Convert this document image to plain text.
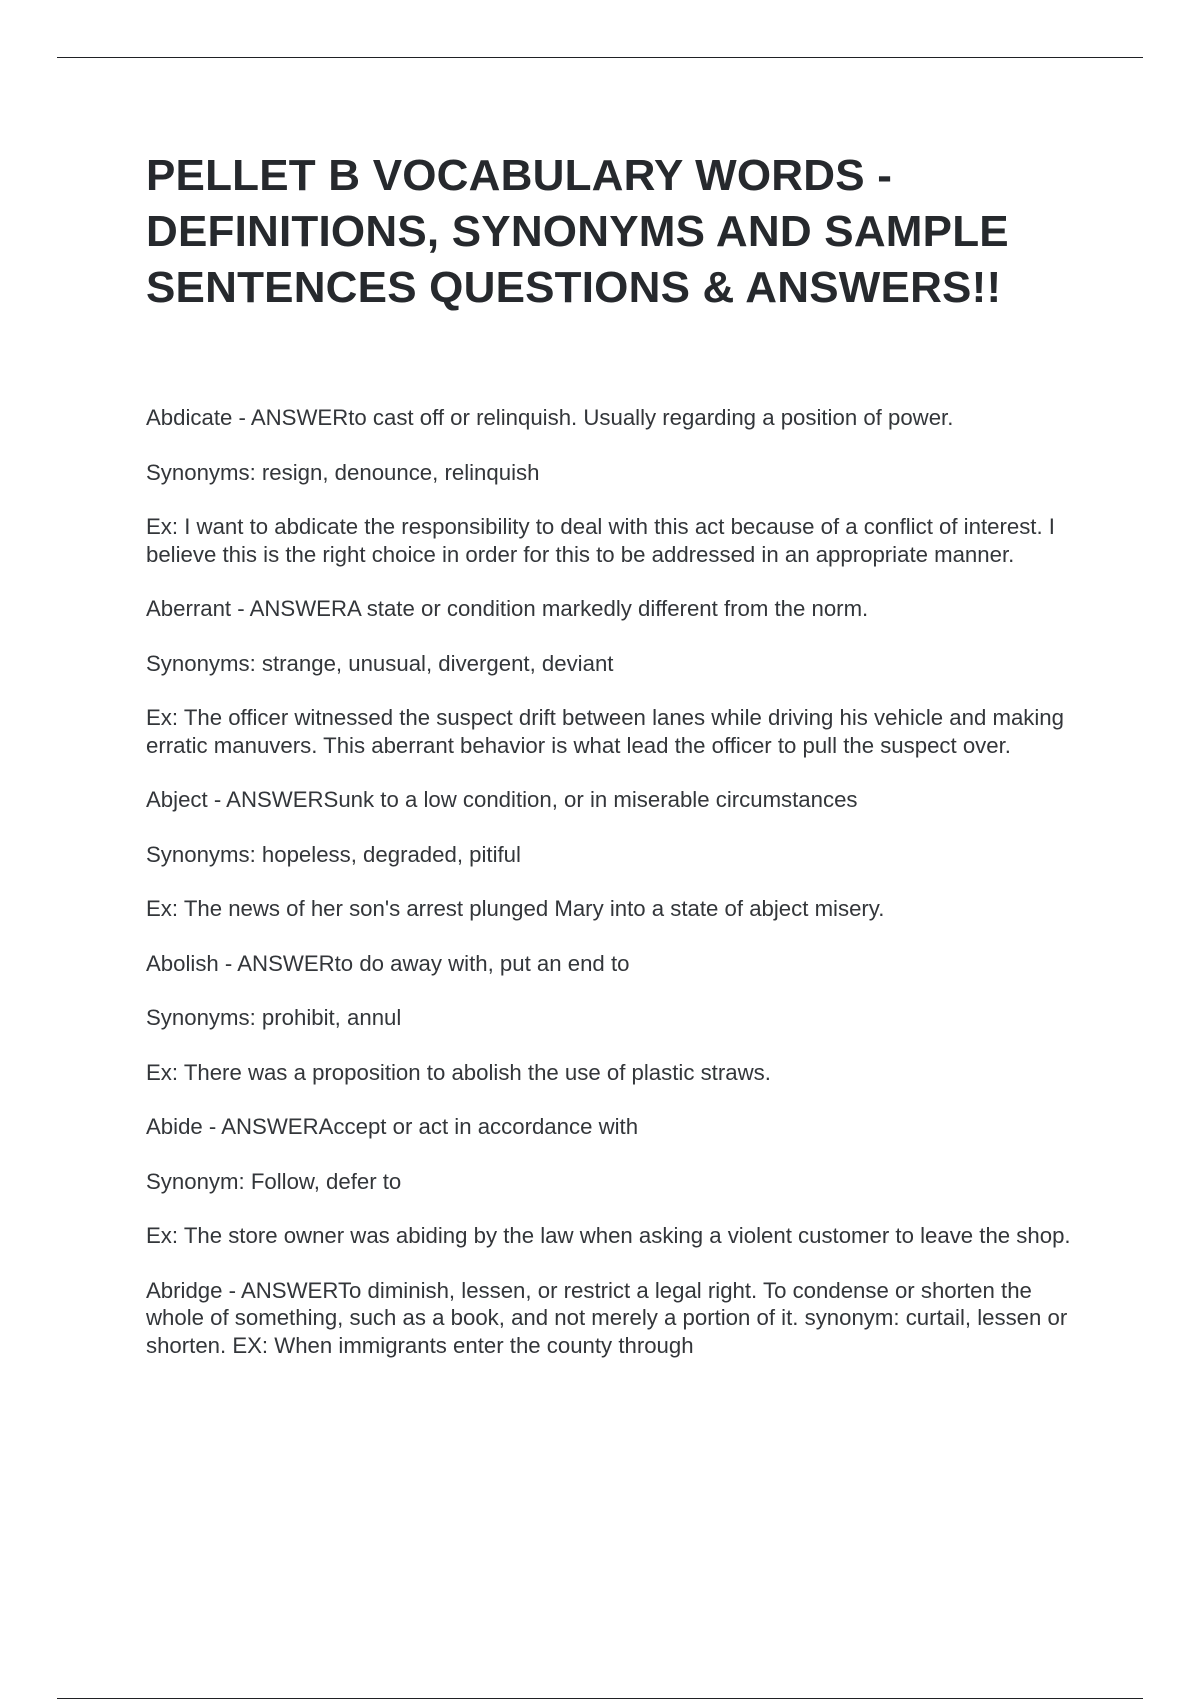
PELLET B VOCABULARY WORDS - DEFINITIONS, SYNONYMS AND SAMPLE SENTENCES QUESTIONS & ANSWERS!!

Abdicate - ANSWERto cast off or relinquish. Usually regarding a position of power.

Synonyms: resign, denounce, relinquish

Ex: I want to abdicate the responsibility to deal with this act because of a conflict of interest. I believe this is the right choice in order for this to be addressed in an appropriate manner.

Aberrant - ANSWERA state or condition markedly different from the norm.

Synonyms: strange, unusual, divergent, deviant

Ex: The officer witnessed the suspect drift between lanes while driving his vehicle and making erratic manuvers. This aberrant behavior is what lead the officer to pull the suspect over.

Abject - ANSWERSunk to a low condition, or in miserable circumstances

Synonyms: hopeless, degraded, pitiful

Ex: The news of her son's arrest plunged Mary into a state of abject misery.

Abolish - ANSWERto do away with, put an end to

Synonyms: prohibit, annul

Ex: There was a proposition to abolish the use of plastic straws.

Abide - ANSWERAccept or act in accordance with

Synonym: Follow, defer to

Ex: The store owner was abiding by the law when asking a violent customer to leave the shop.

Abridge - ANSWERTo diminish, lessen, or restrict a legal right. To condense or shorten the whole of something, such as a book, and not merely a portion of it. synonym: curtail, lessen or shorten. EX: When immigrants enter the county through
